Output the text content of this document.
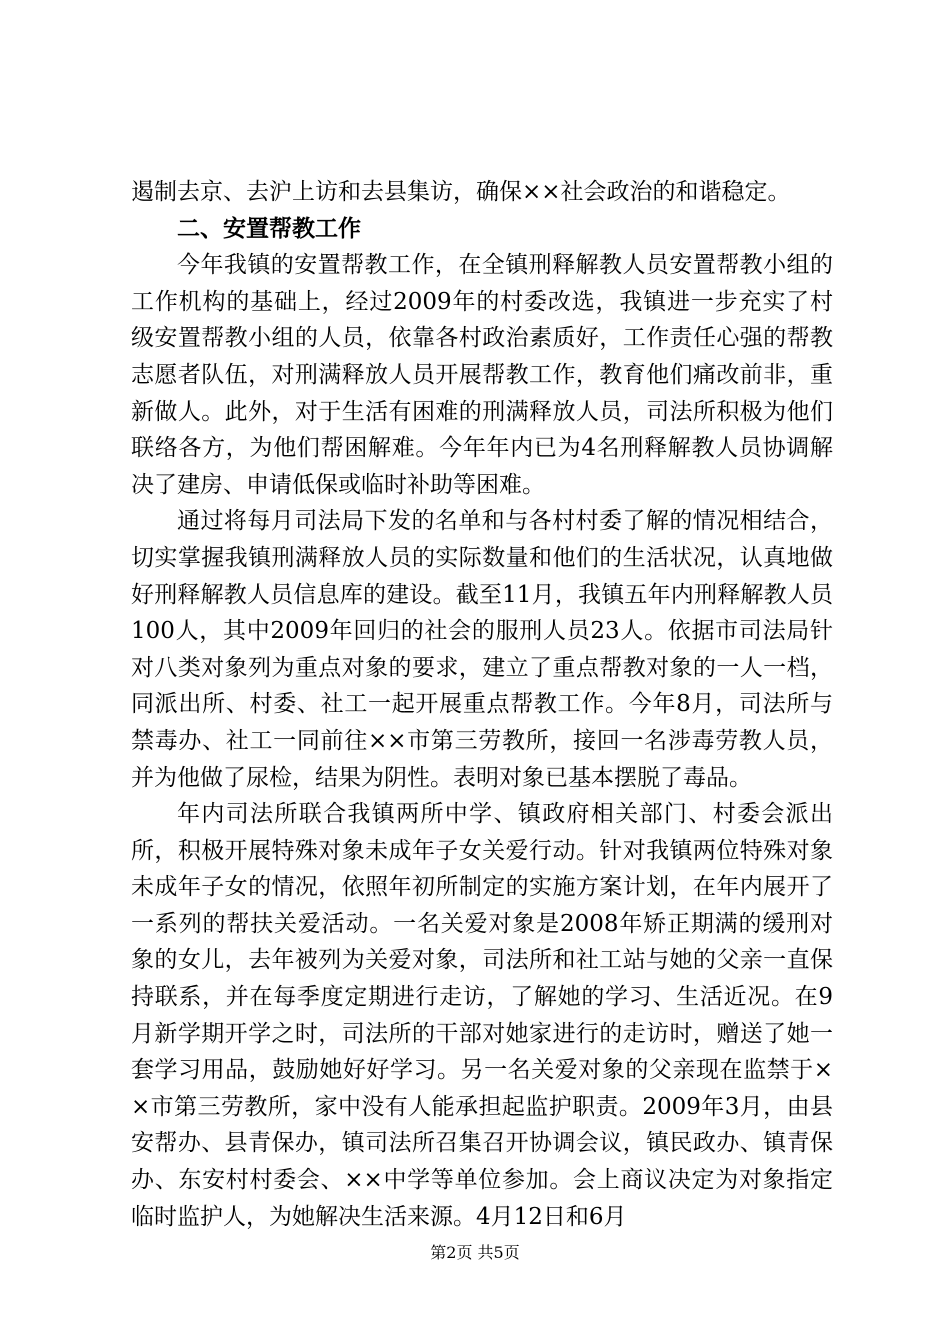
遏制去京、去沪上访和去县集访，确保××社会政治的和谐稳定。

二、安置帮教工作

今年我镇的安置帮教工作，在全镇刑释解教人员安置帮教小组的工作机构的基础上，经过2009年的村委改选，我镇进一步充实了村级安置帮教小组的人员，依靠各村政治素质好，工作责任心强的帮教志愿者队伍，对刑满释放人员开展帮教工作，教育他们痛改前非，重新做人。此外，对于生活有困难的刑满释放人员，司法所积极为他们联络各方，为他们帮困解难。今年年内已为4名刑释解教人员协调解决了建房、申请低保或临时补助等困难。

通过将每月司法局下发的名单和与各村村委了解的情况相结合，切实掌握我镇刑满释放人员的实际数量和他们的生活状况，认真地做好刑释解教人员信息库的建设。截至11月，我镇五年内刑释解教人员100人，其中2009年回归的社会的服刑人员23人。依据市司法局针对八类对象列为重点对象的要求，建立了重点帮教对象的一人一档，同派出所、村委、社工一起开展重点帮教工作。今年8月，司法所与禁毒办、社工一同前往××市第三劳教所，接回一名涉毒劳教人员，并为他做了尿检，结果为阴性。表明对象已基本摆脱了毒品。

年内司法所联合我镇两所中学、镇政府相关部门、村委会派出所，积极开展特殊对象未成年子女关爱行动。针对我镇两位特殊对象未成年子女的情况，依照年初所制定的实施方案计划，在年内展开了一系列的帮扶关爱活动。一名关爱对象是2008年矫正期满的缓刑对象的女儿，去年被列为关爱对象，司法所和社工站与她的父亲一直保持联系，并在每季度定期进行走访，了解她的学习、生活近况。在9月新学期开学之时，司法所的干部对她家进行的走访时，赠送了她一套学习用品，鼓励她好好学习。另一名关爱对象的父亲现在监禁于××市第三劳教所，家中没有人能承担起监护职责。2009年3月，由县安帮办、县青保办，镇司法所召集召开协调会议，镇民政办、镇青保办、东安村村委会、××中学等单位参加。会上商议决定为对象指定临时监护人，为她解决生活来源。4月12日和6月

第2页 共5页
